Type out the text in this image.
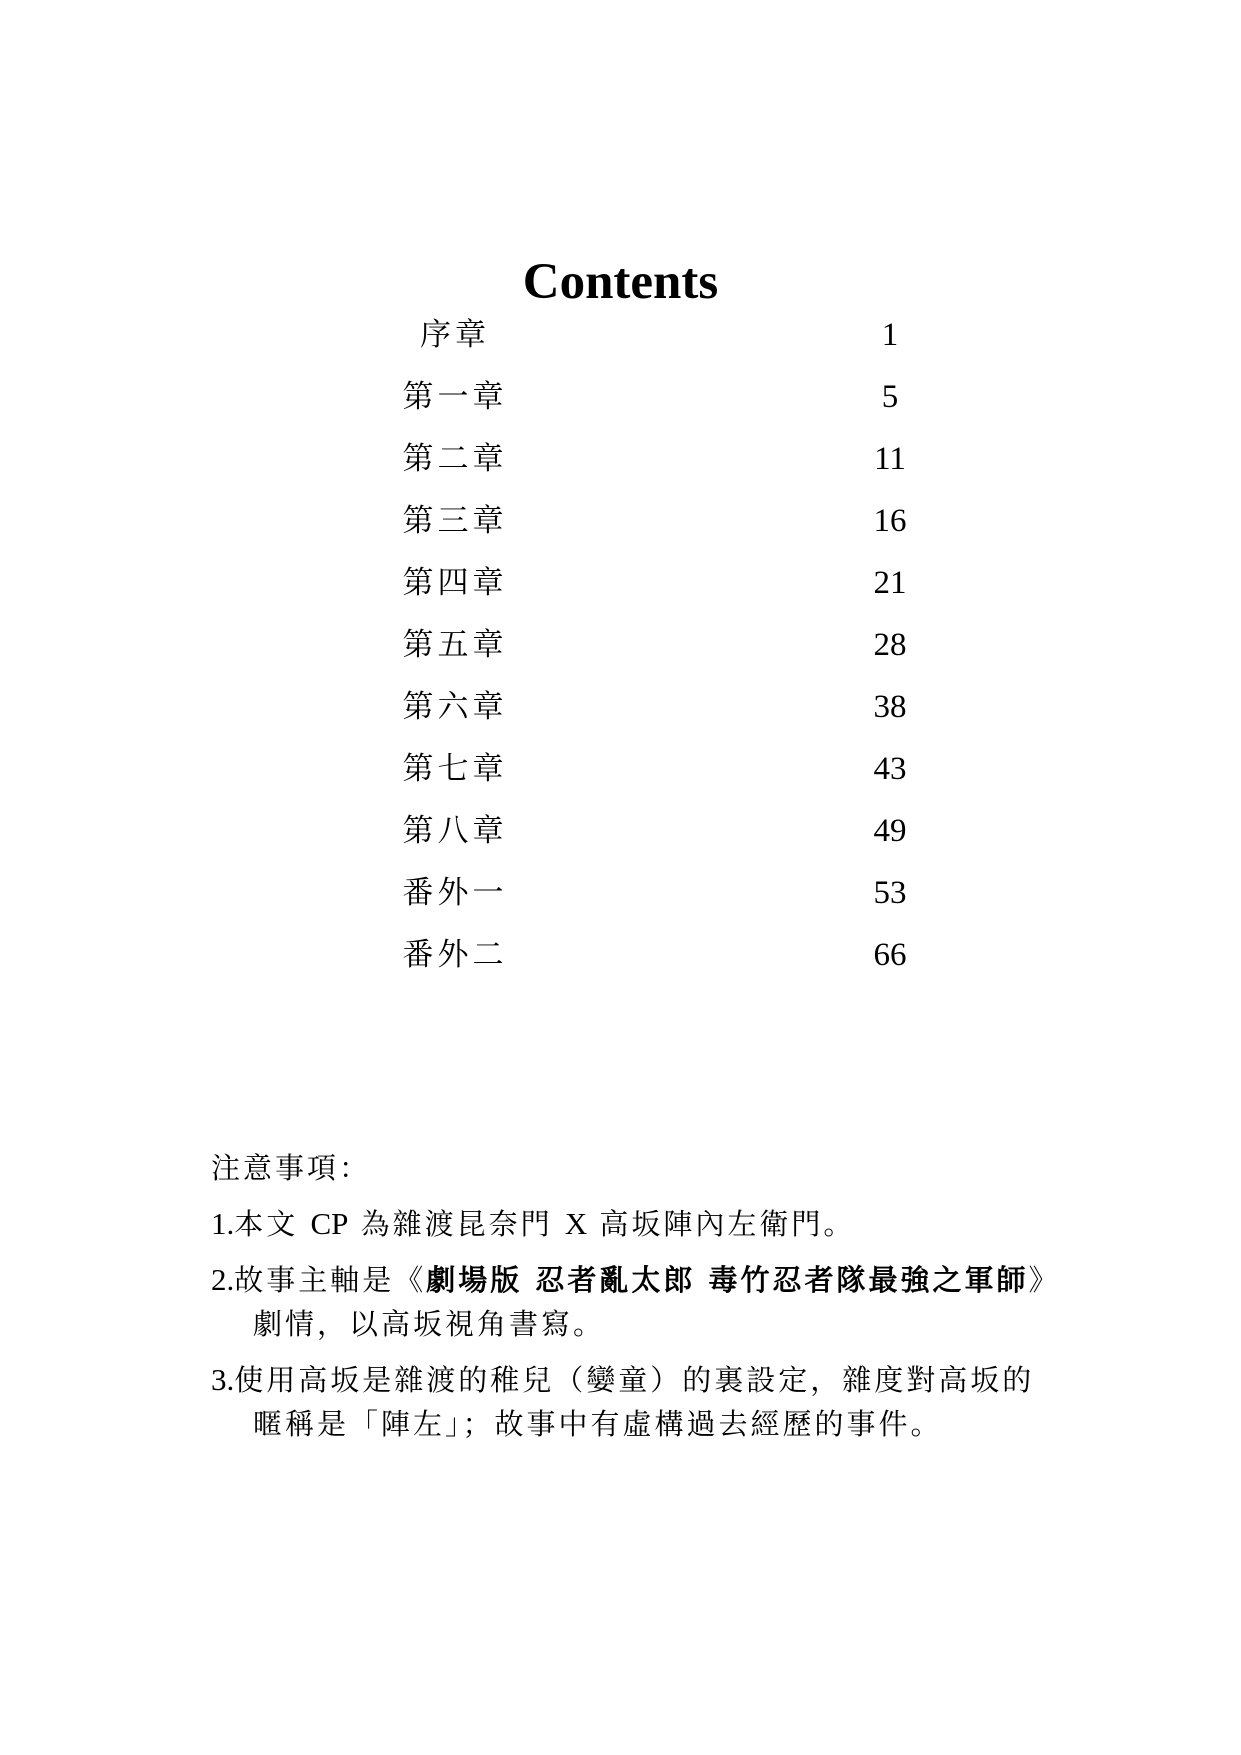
Contents
序章	1
第一章	5
第二章	11
第三章	16
第四章	21
第五章	28
第六章	38
第七章	43
第八章	49
番外一	53
番外二	66
注意事項：
1.本文 CP 為雜渡昆奈門 X 高坂陣內左衛門。
2.故事主軸是《劇場版 忍者亂太郎 毒竹忍者隊最強之軍師》
劇情，以高坂視角書寫。
3.使用高坂是雜渡的稚兒（孌童）的裏設定，雜度對高坂的
暱稱是「陣左」；故事中有虛構過去經歷的事件。
